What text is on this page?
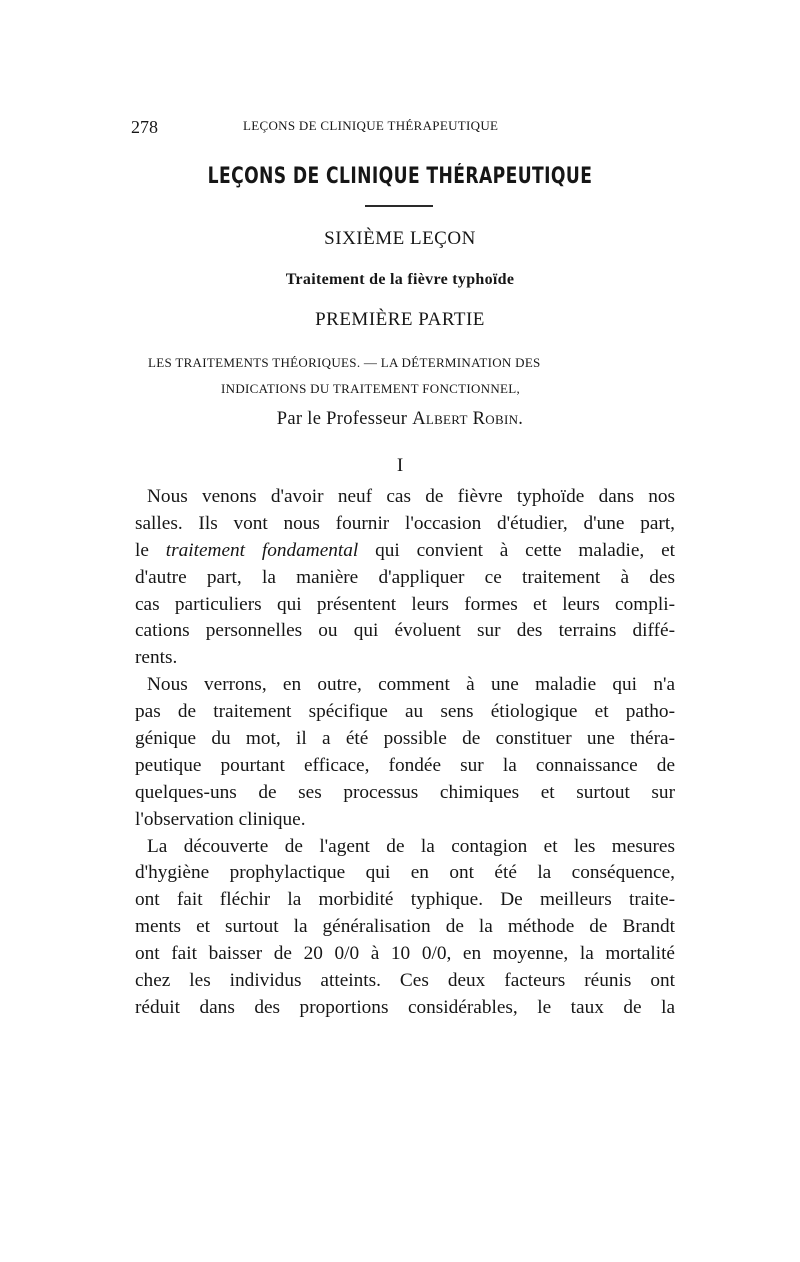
278	LEÇONS DE CLINIQUE THÉRAPEUTIQUE
LEÇONS DE CLINIQUE THÉRAPEUTIQUE
SIXIÈME LEÇON
Traitement de la fièvre typhoïde
PREMIÈRE PARTIE
LES TRAITEMENTS THÉORIQUES. — LA DÉTERMINATION DES
INDICATIONS DU TRAITEMENT FONCTIONNEL,
Par le Professeur Albert Robin.
I
Nous venons d'avoir neuf cas de fièvre typhoïde dans nos
salles. Ils vont nous fournir l'occasion d'étudier, d'une part,
le traitement fondamental qui convient à cette maladie, et
d'autre part, la manière d'appliquer ce traitement à des
cas particuliers qui présentent leurs formes et leurs compli-
cations personnelles ou qui évoluent sur des terrains diffé-
rents.
Nous verrons, en outre, comment à une maladie qui n'a
pas de traitement spécifique au sens étiologique et patho-
génique du mot, il a été possible de constituer une théra-
peutique pourtant efficace, fondée sur la connaissance de
quelques-uns de ses processus chimiques et surtout sur
l'observation clinique.
La découverte de l'agent de la contagion et les mesures
d'hygiène prophylactique qui en ont été la conséquence,
ont fait fléchir la morbidité typhique. De meilleurs traite-
ments et surtout la généralisation de la méthode de Brandt
ont fait baisser de 20 0/0 à 10 0/0, en moyenne, la mortalité
chez les individus atteints. Ces deux facteurs réunis ont
réduit dans des proportions considérables, le taux de la
